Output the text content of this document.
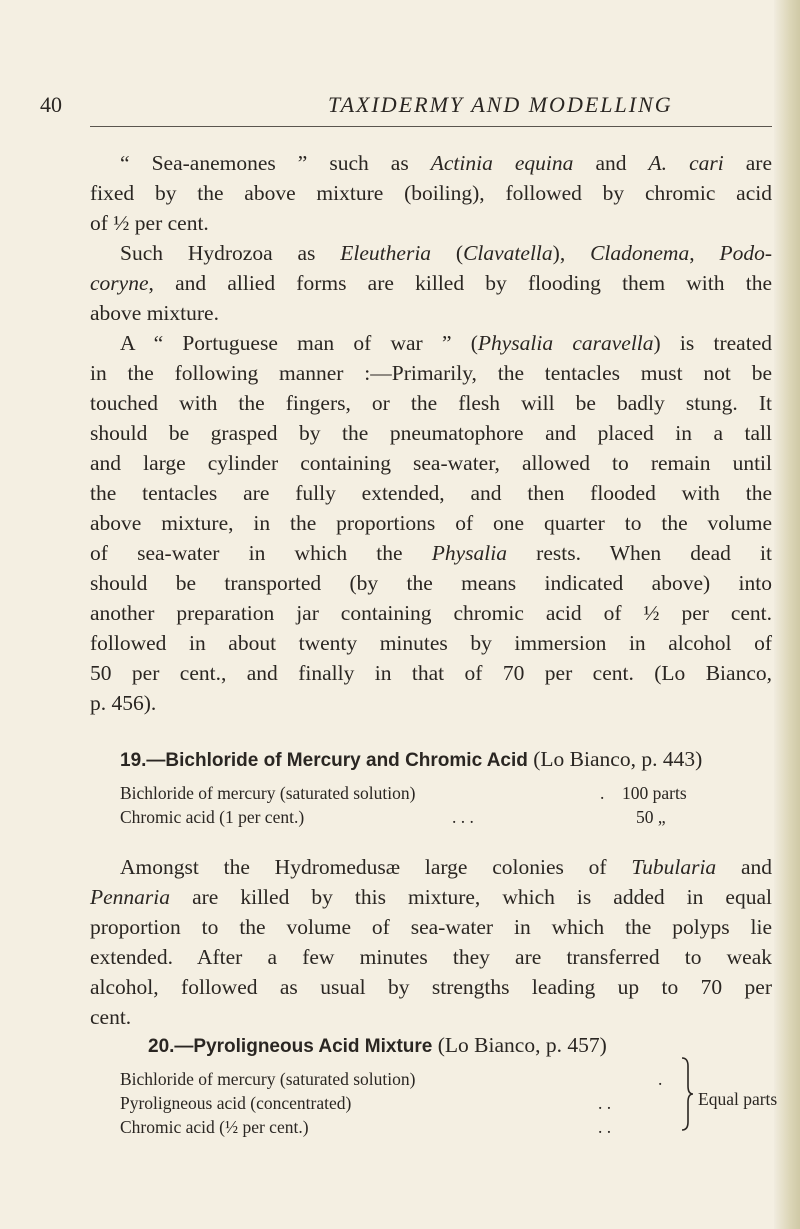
40	TAXIDERMY AND MODELLING
“ Sea-anemones ” such as Actinia equina and A. cari are
fixed by the above mixture (boiling), followed by chromic acid
of ½ per cent.
Such Hydrozoa as Eleutheria (Clavatella), Cladonema, Podo-
coryne, and allied forms are killed by flooding them with the
above mixture.
A “ Portuguese man of war ” (Physalia caravella) is treated
in the following manner :—Primarily, the tentacles must not be
touched with the fingers, or the flesh will be badly stung. It
should be grasped by the pneumatophore and placed in a tall
and large cylinder containing sea-water, allowed to remain until
the tentacles are fully extended, and then flooded with the
above mixture, in the proportions of one quarter to the volume
of sea-water in which the Physalia rests. When dead it
should be transported (by the means indicated above) into
another preparation jar containing chromic acid of ½ per cent.
followed in about twenty minutes by immersion in alcohol of
50 per cent., and finally in that of 70 per cent. (Lo Bianco,
p. 456).
19.—Bichloride of Mercury and Chromic Acid (Lo Bianco, p. 443)
Bichloride of mercury (saturated solution)	. 100 parts
Chromic acid (1 per cent.)	. . .	50 „
Amongst the Hydromedusæ large colonies of Tubularia and
Pennaria are killed by this mixture, which is added in equal
proportion to the volume of sea-water in which the polyps lie
extended. After a few minutes they are transferred to weak
alcohol, followed as usual by strengths leading up to 70 per
cent.
20.—Pyroligneous Acid Mixture (Lo Bianco, p. 457)
Bichloride of mercury (saturated solution)	.
Pyroligneous acid (concentrated)	. .
Chromic acid (½ per cent.)	. .
Equal parts
